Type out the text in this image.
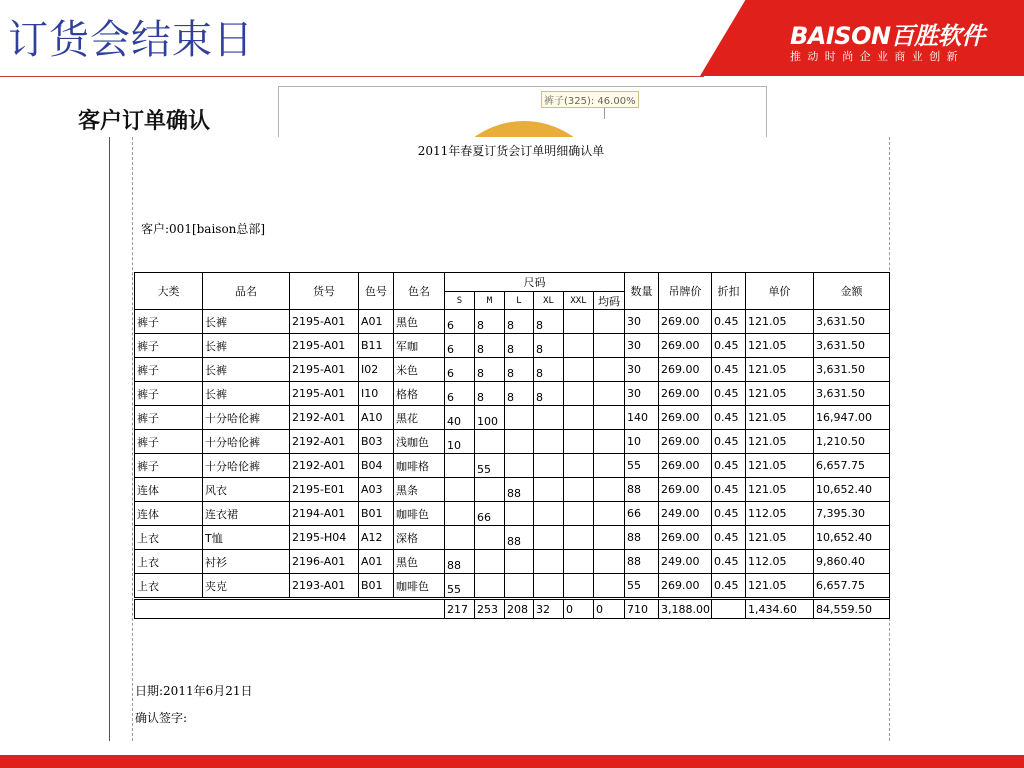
订货会结束日	BAISON百胜软件
推动时尚企业商业创新
客户订单确认
裤子(325): 46.00%
2011年春夏订货会订单明细确认单
客户:001[baison总部]
大类	品名	货号	色号	色名	尺码						数量	吊牌价	折扣	单价	金额
					S	M	L	XL	XXL	均码					
裤子	长裤	2195-A01	A01	黑色	6	8	8	8			30	269.00	0.45	121.05	3,631.50
裤子	长裤	2195-A01	B11	军咖	6	8	8	8			30	269.00	0.45	121.05	3,631.50
裤子	长裤	2195-A01	I02	米色	6	8	8	8			30	269.00	0.45	121.05	3,631.50
裤子	长裤	2195-A01	I10	格格	6	8	8	8			30	269.00	0.45	121.05	3,631.50
裤子	十分哈伦裤	2192-A01	A10	黑花	40	100					140	269.00	0.45	121.05	16,947.00
裤子	十分哈伦裤	2192-A01	B03	浅咖色	10						10	269.00	0.45	121.05	1,210.50
裤子	十分哈伦裤	2192-A01	B04	咖啡格		55					55	269.00	0.45	121.05	6,657.75
连体	风衣	2195-E01	A03	黑条			88				88	269.00	0.45	121.05	10,652.40
连体	连衣裙	2194-A01	B01	咖啡色		66					66	249.00	0.45	112.05	7,395.30
上衣	T恤	2195-H04	A12	深格			88				88	269.00	0.45	121.05	10,652.40
上衣	衬衫	2196-A01	A01	黑色	88						88	249.00	0.45	112.05	9,860.40
上衣	夹克	2193-A01	B01	咖啡色	55						55	269.00	0.45	121.05	6,657.75
					217	253	208	32	0	0	710	3,188.00		1,434.60	84,559.50
日期:2011年6月21日
确认签字:
